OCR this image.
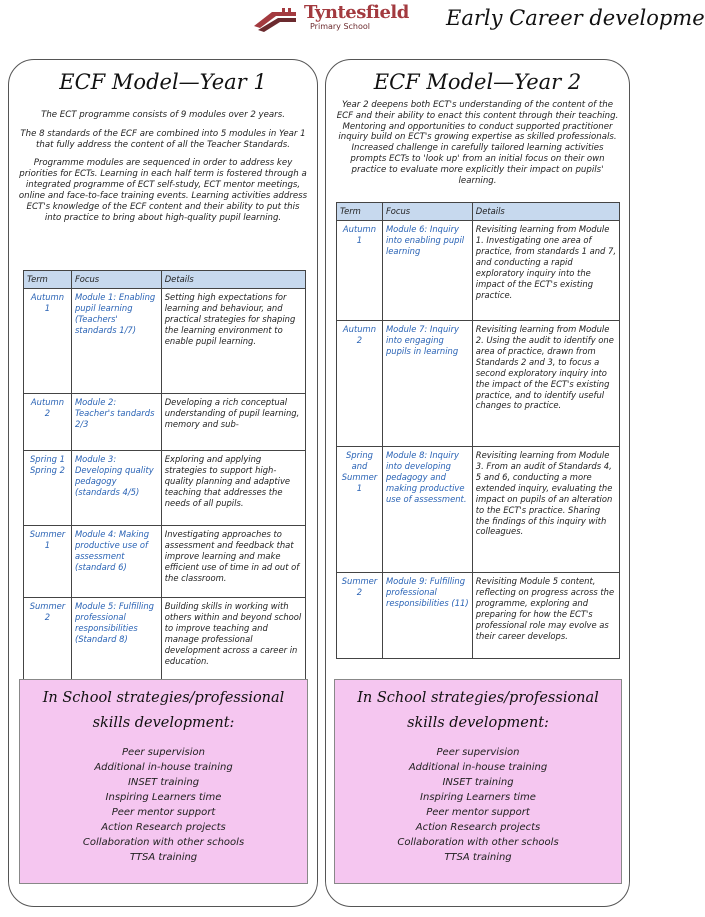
Tyntesfield
Primary School	Early Career developme
ECF Model—Year 1

The ECT programme consists of 9 modules over 2 years.

The 8 standards of the ECF are combined into 5 modules in Year 1 that fully address the content of all the Teacher Standards.

Programme modules are sequenced in order to address key priorities for ECTs. Learning in each half term is fostered through a integrated programme of ECT self-study, ECT mentor meetings, online and face-to-face training events. Learning activities address ECT's knowledge of the ECF content and their ability to put this into practice to bring about high-quality pupil learning.

Term	Focus	Details
Autumn 1	Module 1: Enabling pupil learning (Teachers' standards 1/7)	Setting high expectations for learning and behaviour, and practical strategies for shaping the learning environment to enable pupil learning.
Autumn 2	Module 2: Teacher's tandards 2/3	Developing a rich conceptual understanding of pupil learning, memory and sub-
Spring 1 Spring 2	Module 3: Developing quality pedagogy (standards 4/5)	Exploring and applying strategies to support high-quality planning and adaptive teaching that addresses the needs of all pupils.
Summer 1	Module 4: Making productive use of assessment (standard 6)	Investigating approaches to assessment and feedback that improve learning and make efficient use of time in ad out of the classroom.
Summer 2	Module 5: Fulfilling professional responsibilities (Standard 8)	Building skills in working with others within and beyond school to improve teaching and manage professional development across a career in education.
In School strategies/professional skills development:
Peer supervision
Additional in-house training
INSET training
Inspiring Learners time
Peer mentor support
Action Research projects
Collaboration with other schools
TTSA training
ECF Model—Year 2

Year 2 deepens both ECT's understanding of the content of the ECF and their ability to enact this content through their teaching. Mentoring and opportunities to conduct supported practitioner inquiry build on ECT's growing expertise as skilled professionals. Increased challenge in carefully tailored learning activities prompts ECTs to 'look up' from an initial focus on their own practice to evaluate more explicitly their impact on pupils' learning.

Term	Focus	Details
Autumn 1	Module 6: Inquiry into enabling pupil learning	Revisiting learning from Module 1. Investigating one area of practice, from standards 1 and 7, and conducting a rapid exploratory inquiry into the impact of the ECT's existing practice.
Autumn 2	Module 7: Inquiry into engaging pupils in learning	Revisiting learning from Module 2. Using the audit to identify one area of practice, drawn from Standards 2 and 3, to focus a second exploratory inquiry into the impact of the ECT's existing practice, and to identify useful changes to practice.
Spring and Summer 1	Module 8: Inquiry into developing pedagogy and making productive use of assessment.	Revisiting learning from Module 3. From an audit of Standards 4, 5 and 6, conducting a more extended inquiry, evaluating the impact on pupils of an alteration to the ECT's practice. Sharing the findings of this inquiry with colleagues.
Summer 2	Module 9: Fulfilling professional responsibilities (11)	Revisiting Module 5 content, reflecting on progress across the programme, exploring and preparing for how the ECT's professional role may evolve as their career develops.
In School strategies/professional skills development:
Peer supervision
Additional in-house training
INSET training
Inspiring Learners time
Peer mentor support
Action Research projects
Collaboration with other schools
TTSA training
